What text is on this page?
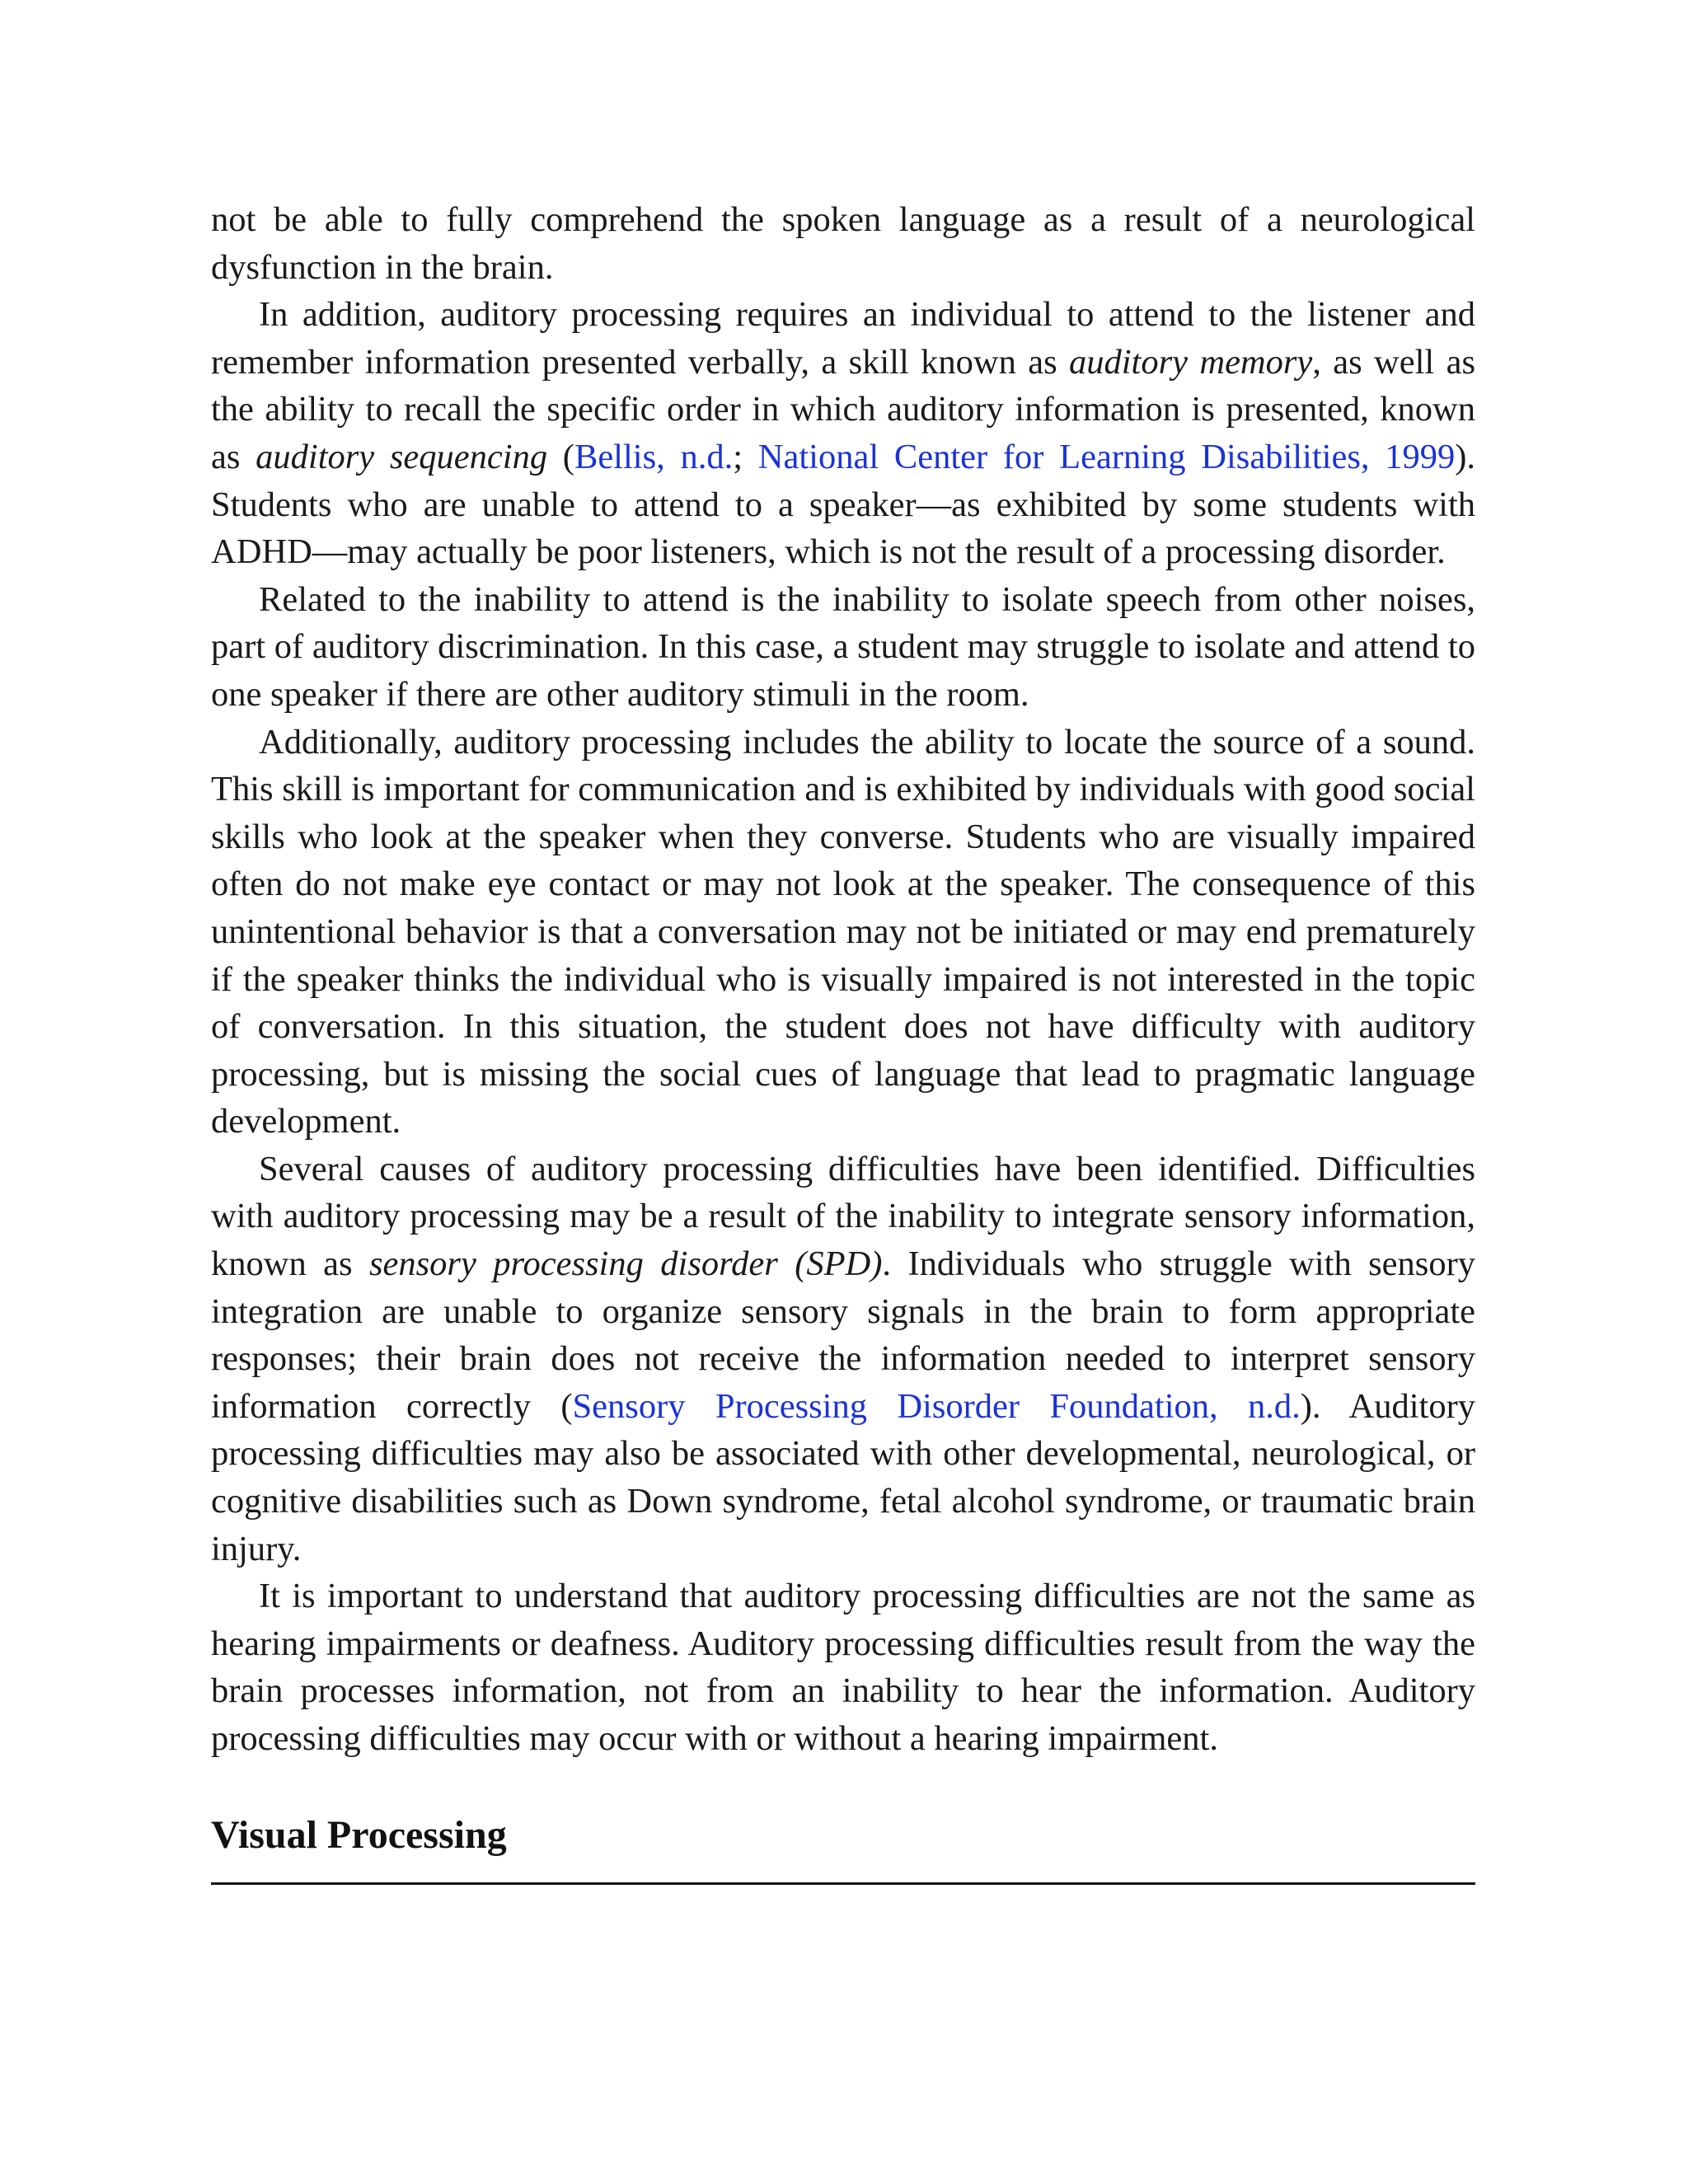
not be able to fully comprehend the spoken language as a result of a neurological dysfunction in the brain.

In addition, auditory processing requires an individual to attend to the listener and remember information presented verbally, a skill known as auditory memory, as well as the ability to recall the specific order in which auditory information is presented, known as auditory sequencing (Bellis, n.d.; National Center for Learning Disabilities, 1999). Students who are unable to attend to a speaker—as exhibited by some students with ADHD—may actually be poor listeners, which is not the result of a processing disorder.

Related to the inability to attend is the inability to isolate speech from other noises, part of auditory discrimination. In this case, a student may struggle to isolate and attend to one speaker if there are other auditory stimuli in the room.

Additionally, auditory processing includes the ability to locate the source of a sound. This skill is important for communication and is exhibited by individuals with good social skills who look at the speaker when they converse. Students who are visually impaired often do not make eye contact or may not look at the speaker. The consequence of this unintentional behavior is that a conversation may not be initiated or may end prematurely if the speaker thinks the individual who is visually impaired is not interested in the topic of conversation. In this situation, the student does not have difficulty with auditory processing, but is missing the social cues of language that lead to pragmatic language development.

Several causes of auditory processing difficulties have been identified. Difficulties with auditory processing may be a result of the inability to integrate sensory information, known as sensory processing disorder (SPD). Individuals who struggle with sensory integration are unable to organize sensory signals in the brain to form appropriate responses; their brain does not receive the information needed to interpret sensory information correctly (Sensory Processing Disorder Foundation, n.d.). Auditory processing difficulties may also be associated with other developmental, neurological, or cognitive disabilities such as Down syndrome, fetal alcohol syndrome, or traumatic brain injury.

It is important to understand that auditory processing difficulties are not the same as hearing impairments or deafness. Auditory processing difficulties result from the way the brain processes information, not from an inability to hear the information. Auditory processing difficulties may occur with or without a hearing impairment.

Visual Processing
